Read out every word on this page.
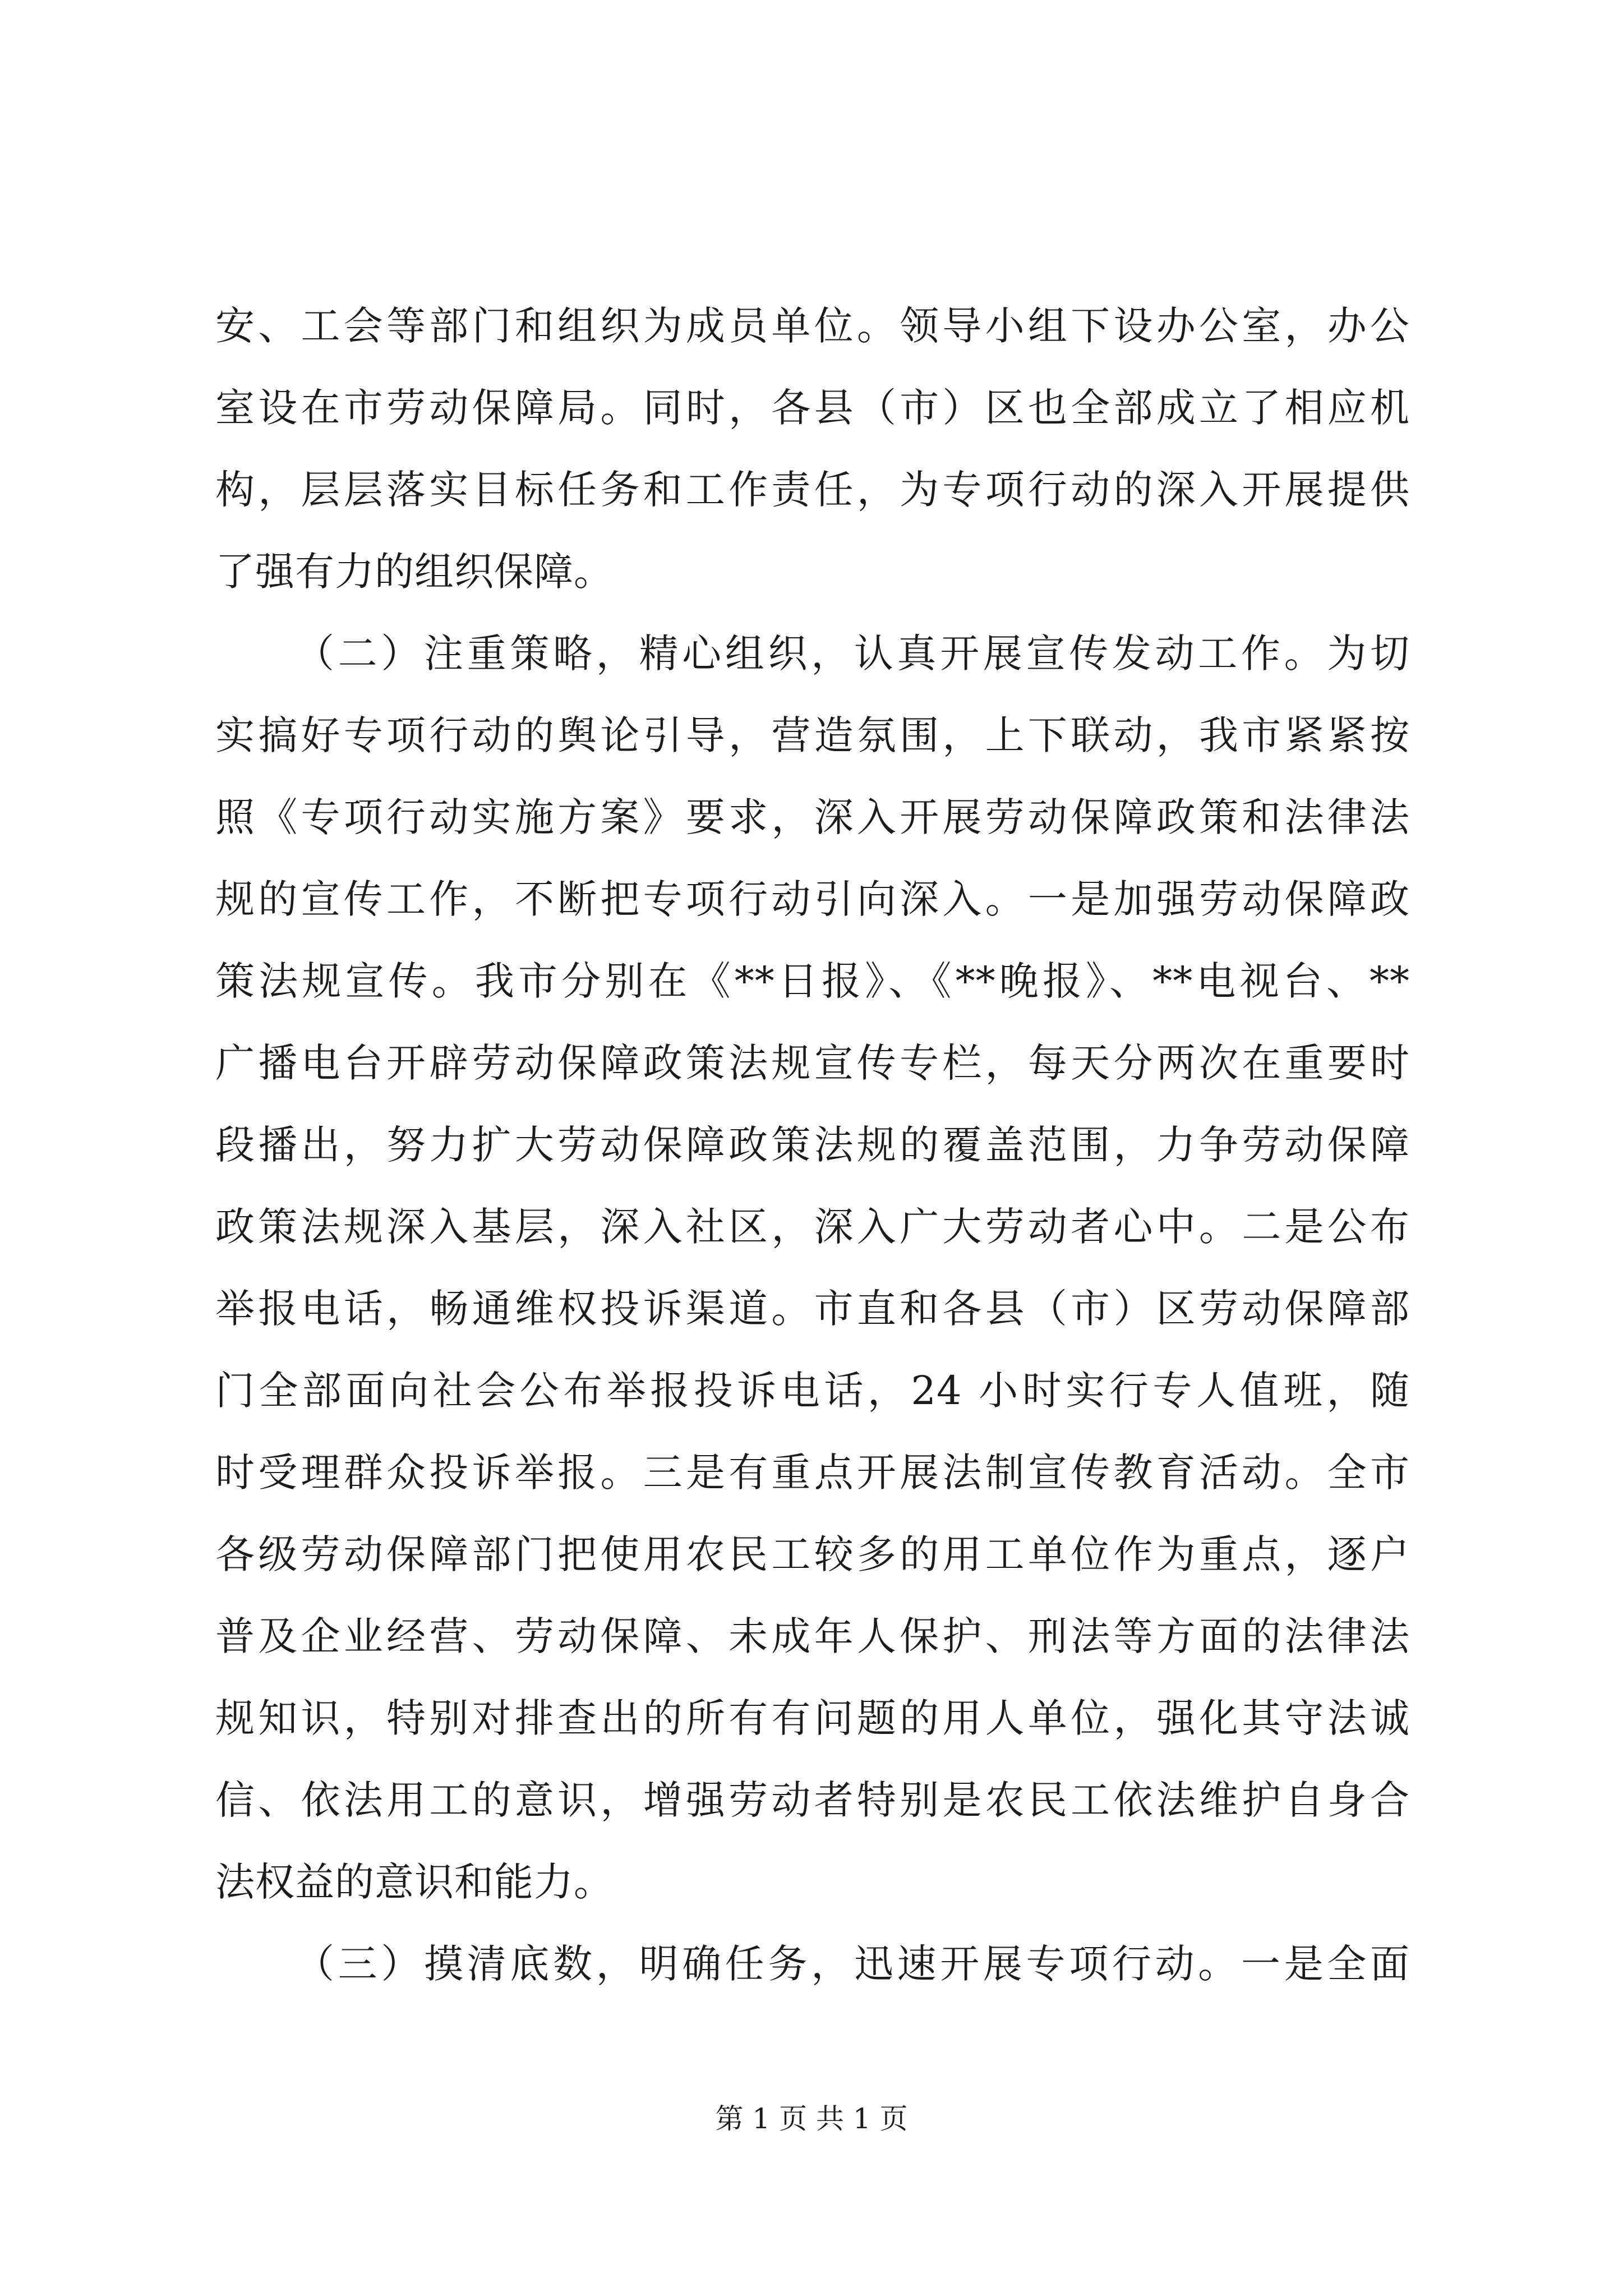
安、工会等部门和组织为成员单位。领导小组下设办公室，办公
室设在市劳动保障局。同时，各县（市）区也全部成立了相应机
构，层层落实目标任务和工作责任，为专项行动的深入开展提供
了强有力的组织保障。
（二）注重策略，精心组织，认真开展宣传发动工作。为切
实搞好专项行动的舆论引导，营造氛围，上下联动，我市紧紧按
照《专项行动实施方案》要求，深入开展劳动保障政策和法律法
规的宣传工作，不断把专项行动引向深入。一是加强劳动保障政
策法规宣传。我市分别在《**日报》、《**晚报》、**电视台、**
广播电台开辟劳动保障政策法规宣传专栏，每天分两次在重要时
段播出，努力扩大劳动保障政策法规的覆盖范围，力争劳动保障
政策法规深入基层，深入社区，深入广大劳动者心中。二是公布
举报电话，畅通维权投诉渠道。市直和各县（市）区劳动保障部
门全部面向社会公布举报投诉电话，24 小时实行专人值班，随
时受理群众投诉举报。三是有重点开展法制宣传教育活动。全市
各级劳动保障部门把使用农民工较多的用工单位作为重点，逐户
普及企业经营、劳动保障、未成年人保护、刑法等方面的法律法
规知识，特别对排查出的所有有问题的用人单位，强化其守法诚
信、依法用工的意识，增强劳动者特别是农民工依法维护自身合
法权益的意识和能力。
（三）摸清底数，明确任务，迅速开展专项行动。一是全面
第 1 页 共 1 页
